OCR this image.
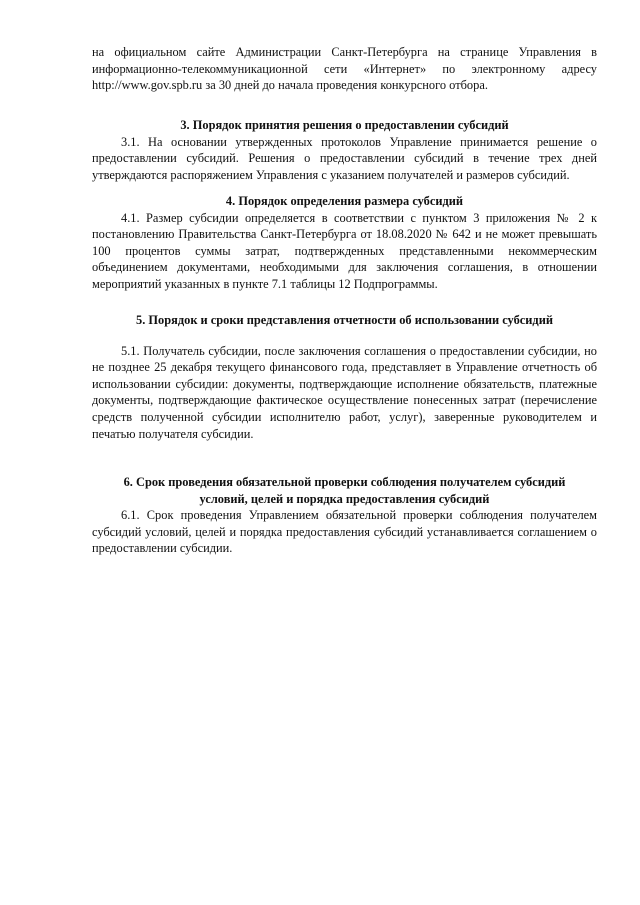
на официальном сайте Администрации Санкт-Петербурга на странице Управления в информационно-телекоммуникационной сети «Интернет» по электронному адресу http://www.gov.spb.ru за 30 дней до начала проведения конкурсного отбора.

3. Порядок принятия решения о предоставлении субсидий

3.1. На основании утвержденных протоколов Управление принимается решение о предоставлении субсидий. Решения о предоставлении субсидий в течение трех дней утверждаются распоряжением Управления с указанием получателей и размеров субсидий.

4. Порядок определения размера субсидий

4.1. Размер субсидии определяется в соответствии с пунктом 3 приложения № 2 к постановлению Правительства Санкт-Петербурга от 18.08.2020 № 642 и не может превышать 100 процентов суммы затрат, подтвержденных представленными некоммерческим объединением документами, необходимыми для заключения соглашения, в отношении мероприятий указанных в пункте 7.1 таблицы 12 Подпрограммы.

5. Порядок и сроки представления отчетности об использовании субсидий

5.1. Получатель субсидии, после заключения соглашения о предоставлении субсидии, но не позднее 25 декабря текущего финансового года, представляет в Управление отчетность об использовании субсидии: документы, подтверждающие исполнение обязательств, платежные документы, подтверждающие фактическое осуществление понесенных затрат (перечисление средств полученной субсидии исполнителю работ, услуг), заверенные руководителем и печатью получателя субсидии.

6. Срок проведения обязательной проверки соблюдения получателем субсидий

условий, целей и порядка предоставления субсидий

6.1. Срок проведения Управлением обязательной проверки соблюдения получателем субсидий условий, целей и порядка предоставления субсидий устанавливается соглашением о предоставлении субсидии.
